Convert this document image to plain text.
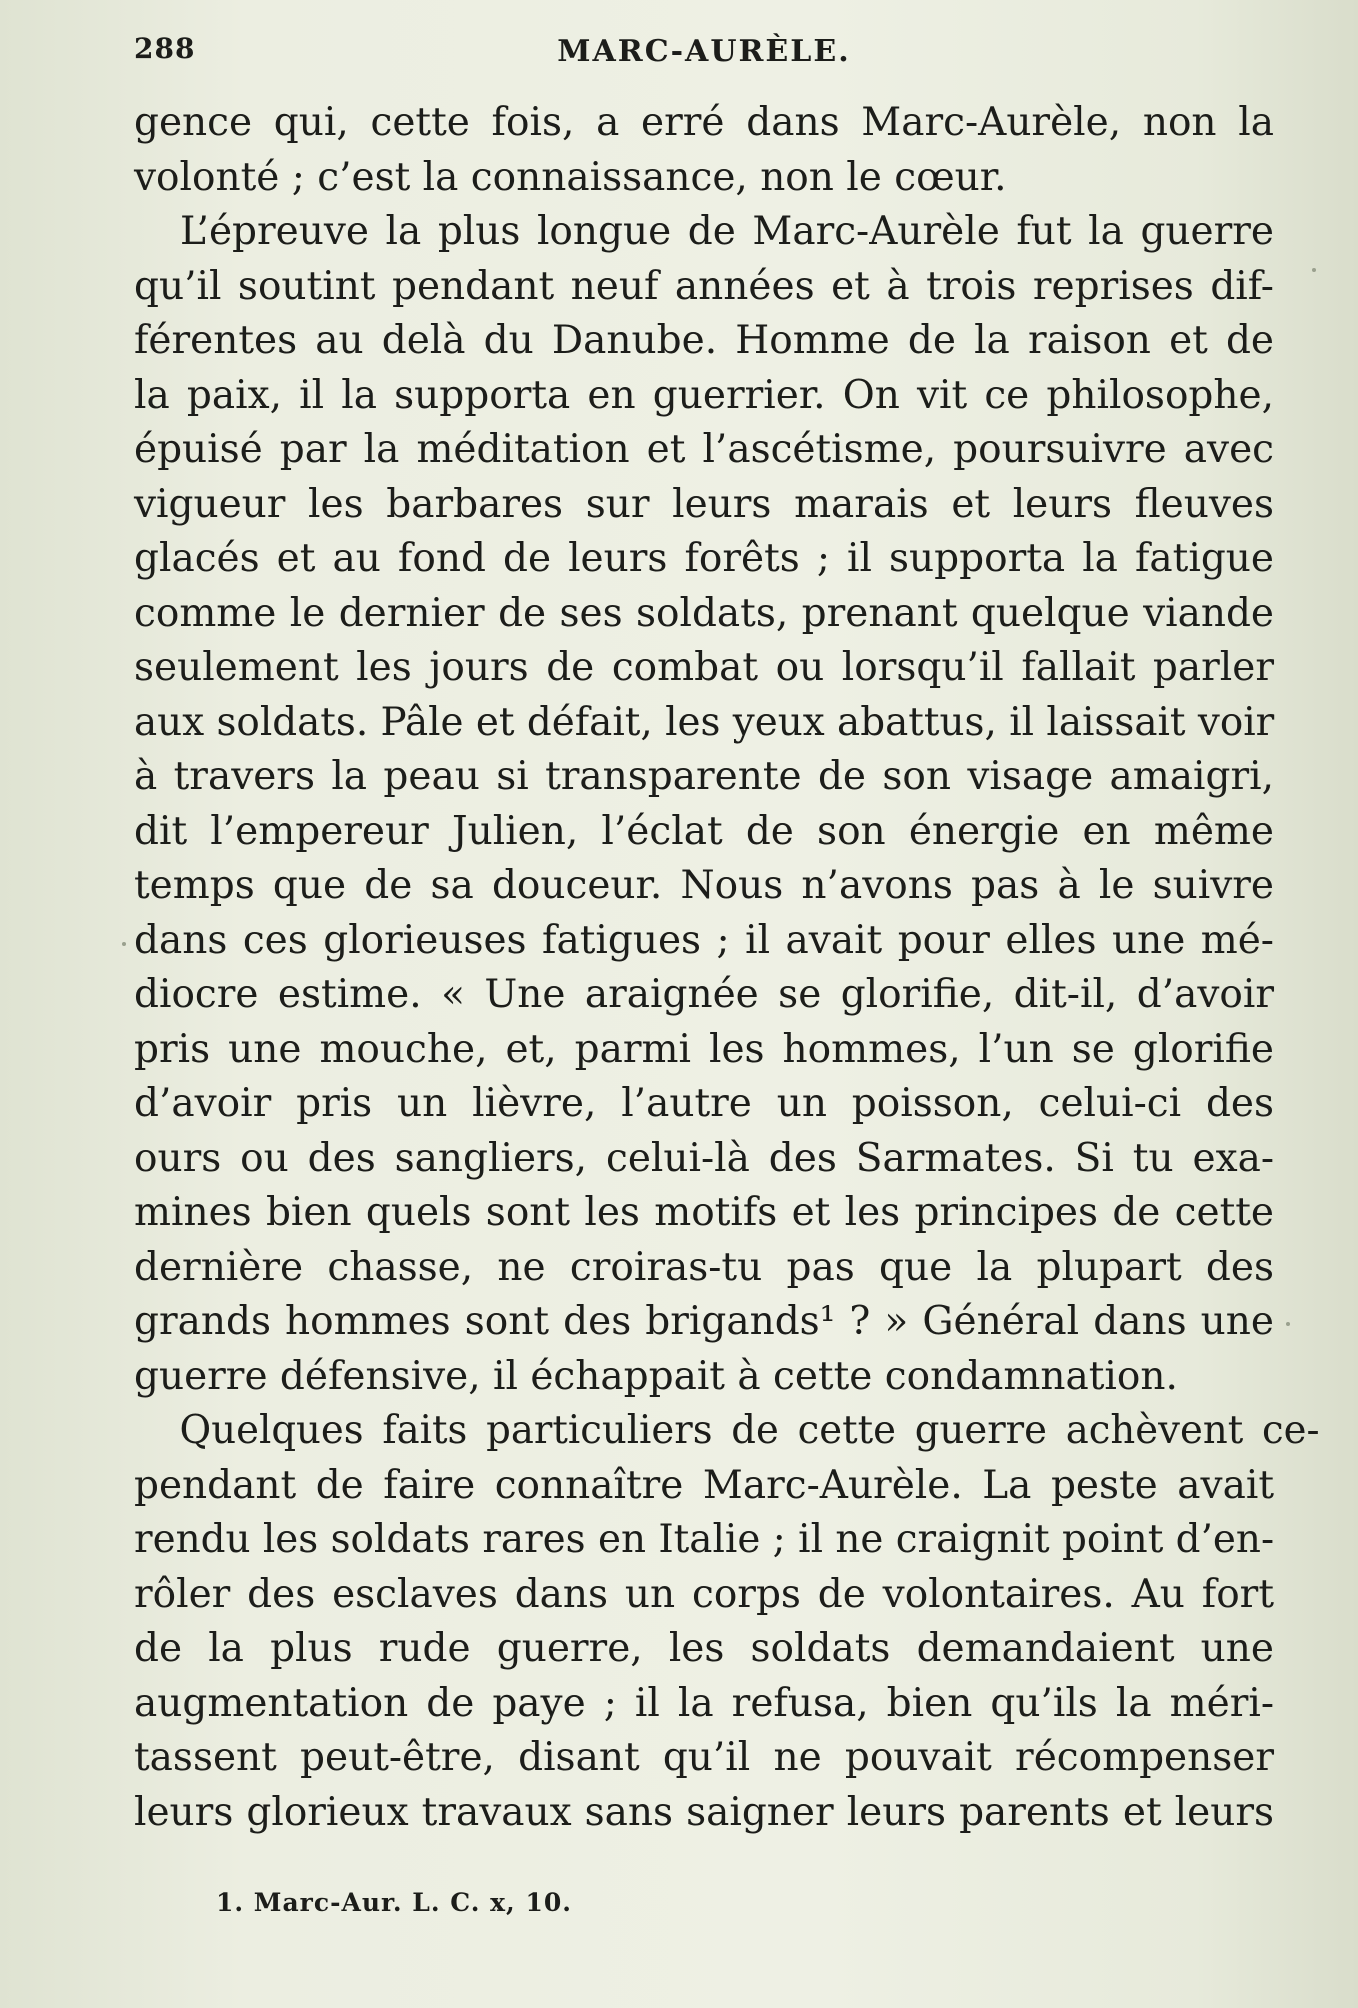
288	MARC-AURÈLE.
gence qui, cette fois, a erré dans Marc-Aurèle, non la
volonté ; c’est la connaissance, non le cœur.
L’épreuve la plus longue de Marc-Aurèle fut la guerre
qu’il soutint pendant neuf années et à trois reprises dif-
férentes au delà du Danube. Homme de la raison et de
la paix, il la supporta en guerrier. On vit ce philosophe,
épuisé par la méditation et l’ascétisme, poursuivre avec
vigueur les barbares sur leurs marais et leurs fleuves
glacés et au fond de leurs forêts ; il supporta la fatigue
comme le dernier de ses soldats, prenant quelque viande
seulement les jours de combat ou lorsqu’il fallait parler
aux soldats. Pâle et défait, les yeux abattus, il laissait voir
à travers la peau si transparente de son visage amaigri,
dit l’empereur Julien, l’éclat de son énergie en même
temps que de sa douceur. Nous n’avons pas à le suivre
dans ces glorieuses fatigues ; il avait pour elles une mé-
diocre estime. « Une araignée se glorifie, dit-il, d’avoir
pris une mouche, et, parmi les hommes, l’un se glorifie
d’avoir pris un lièvre, l’autre un poisson, celui-ci des
ours ou des sangliers, celui-là des Sarmates. Si tu exa-
mines bien quels sont les motifs et les principes de cette
dernière chasse, ne croiras-tu pas que la plupart des
grands hommes sont des brigands¹ ? » Général dans une
guerre défensive, il échappait à cette condamnation.
Quelques faits particuliers de cette guerre achèvent ce-
pendant de faire connaître Marc-Aurèle. La peste avait
rendu les soldats rares en Italie ; il ne craignit point d’en-
rôler des esclaves dans un corps de volontaires. Au fort
de la plus rude guerre, les soldats demandaient une
augmentation de paye ; il la refusa, bien qu’ils la méri-
tassent peut-être, disant qu’il ne pouvait récompenser
leurs glorieux travaux sans saigner leurs parents et leurs
1. Marc-Aur. L. C. x, 10.
